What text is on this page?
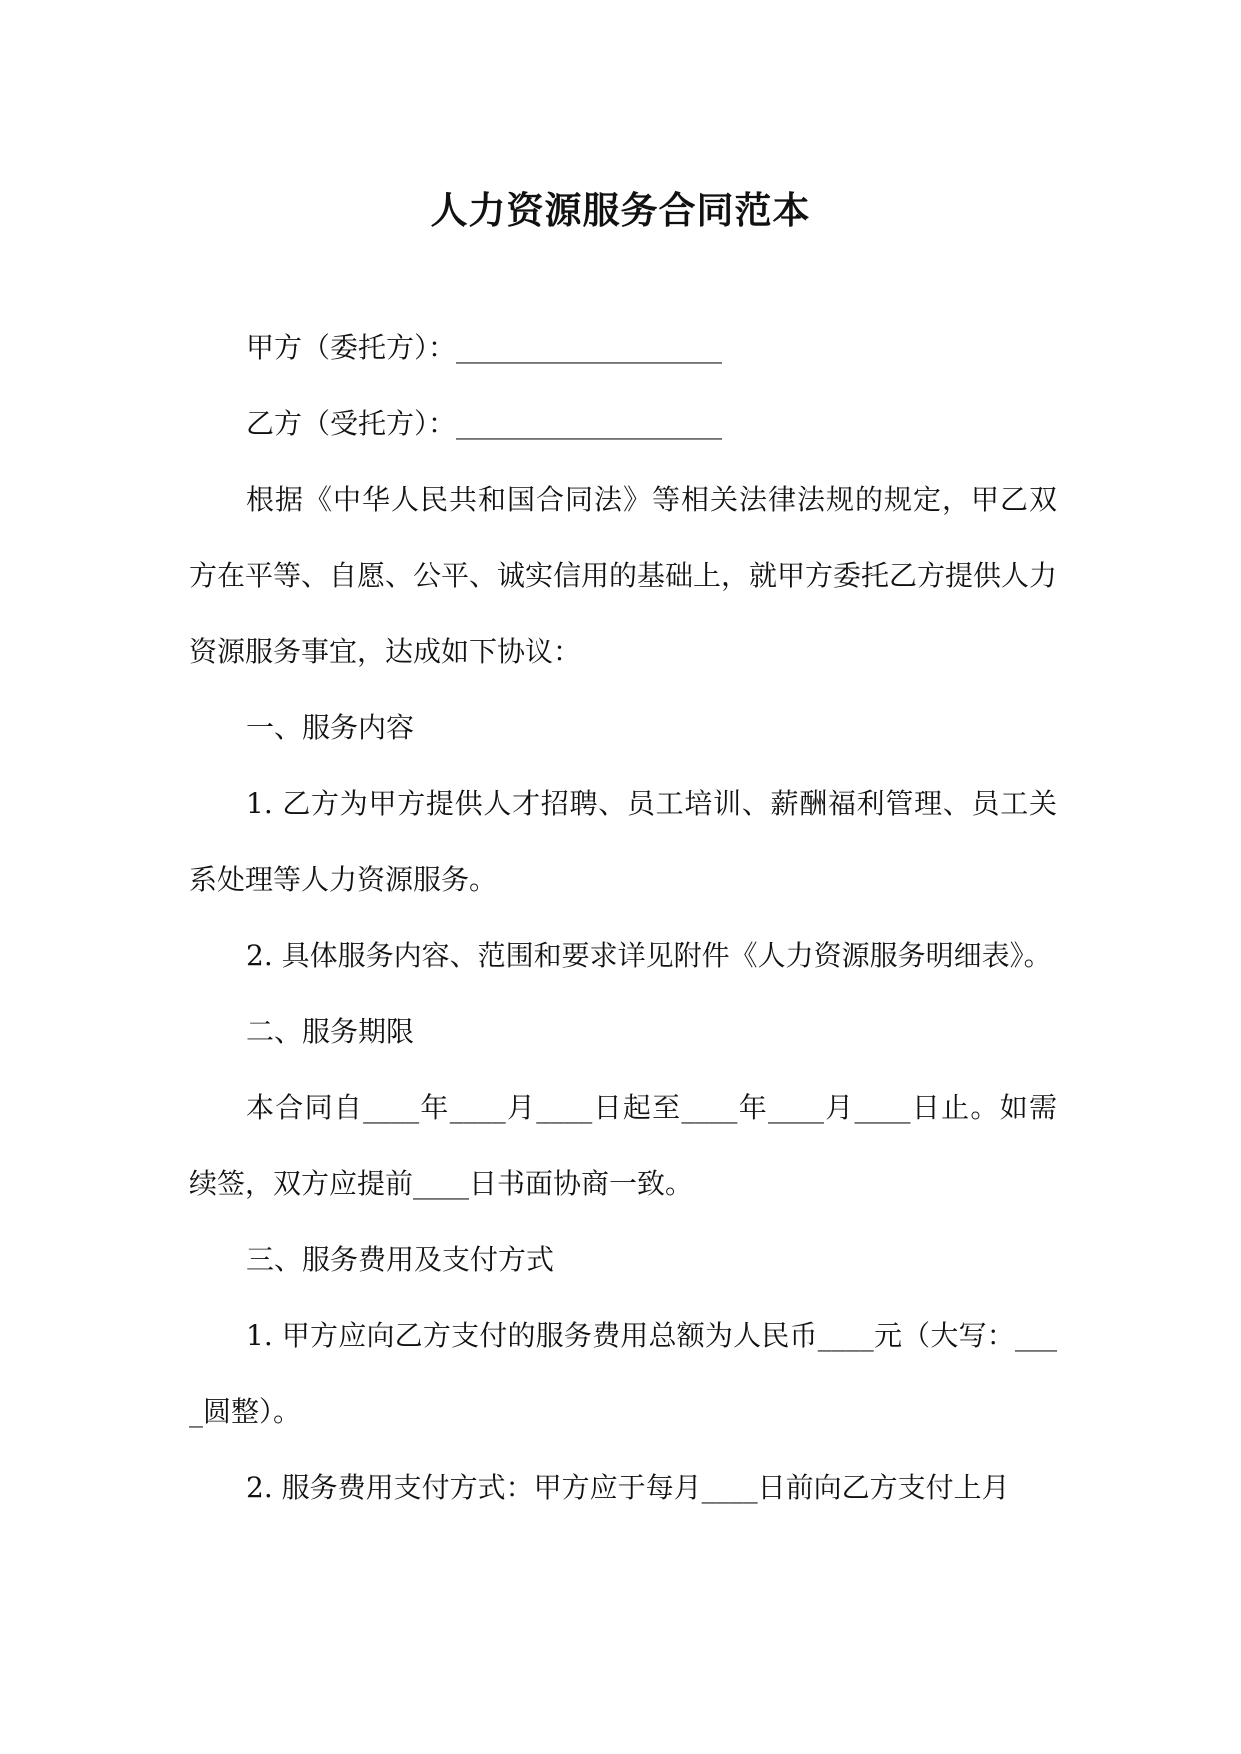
人力资源服务合同范本

甲方（委托方）：___________________

乙方（受托方）：___________________

根据《中华人民共和国合同法》等相关法律法规的规定，甲乙双方在平等、自愿、公平、诚实信用的基础上，就甲方委托乙方提供人力资源服务事宜，达成如下协议：

一、服务内容

1. 乙方为甲方提供人才招聘、员工培训、薪酬福利管理、员工关系处理等人力资源服务。

2. 具体服务内容、范围和要求详见附件《人力资源服务明细表》。

二、服务期限

本合同自____年____月____日起至____年____月____日止。如需续签，双方应提前____日书面协商一致。

三、服务费用及支付方式

1. 甲方应向乙方支付的服务费用总额为人民币____元（大写：____圆整）。

2. 服务费用支付方式：甲方应于每月____日前向乙方支付上月
